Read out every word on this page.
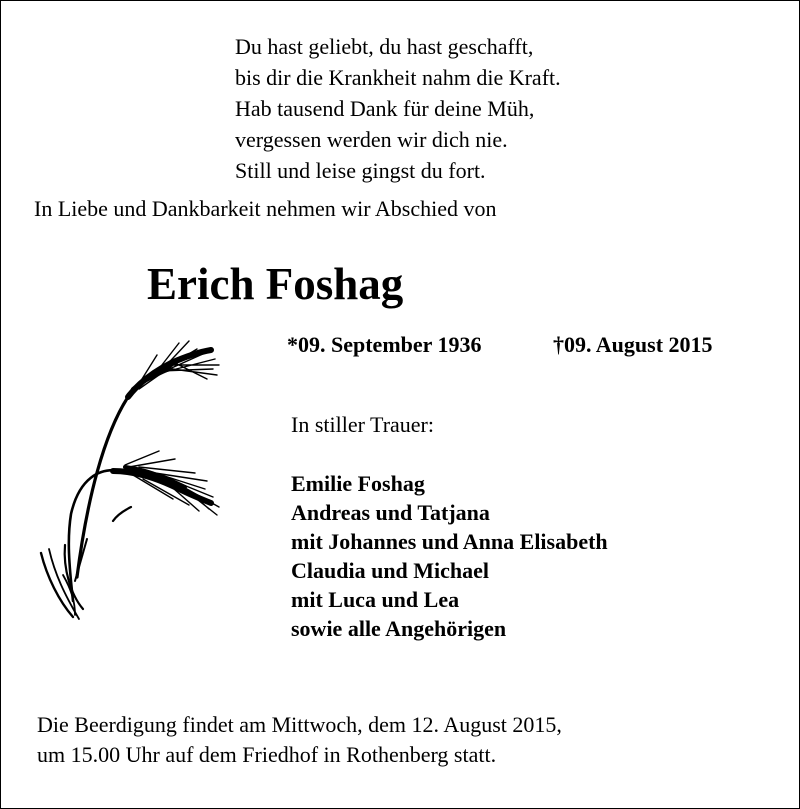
Du hast geliebt, du hast geschafft,
bis dir die Krankheit nahm die Kraft.
Hab tausend Dank für deine Müh,
vergessen werden wir dich nie.
Still und leise gingst du fort.
In Liebe und Dankbarkeit nehmen wir Abschied von
Erich Foshag
*09. September 1936	†09. August 2015
In stiller Trauer:
Emilie Foshag
Andreas und Tatjana
mit Johannes und Anna Elisabeth
Claudia und Michael
mit Luca und Lea
sowie alle Angehörigen
Die Beerdigung findet am Mittwoch, dem 12. August 2015,
um 15.00 Uhr auf dem Friedhof in Rothenberg statt.
